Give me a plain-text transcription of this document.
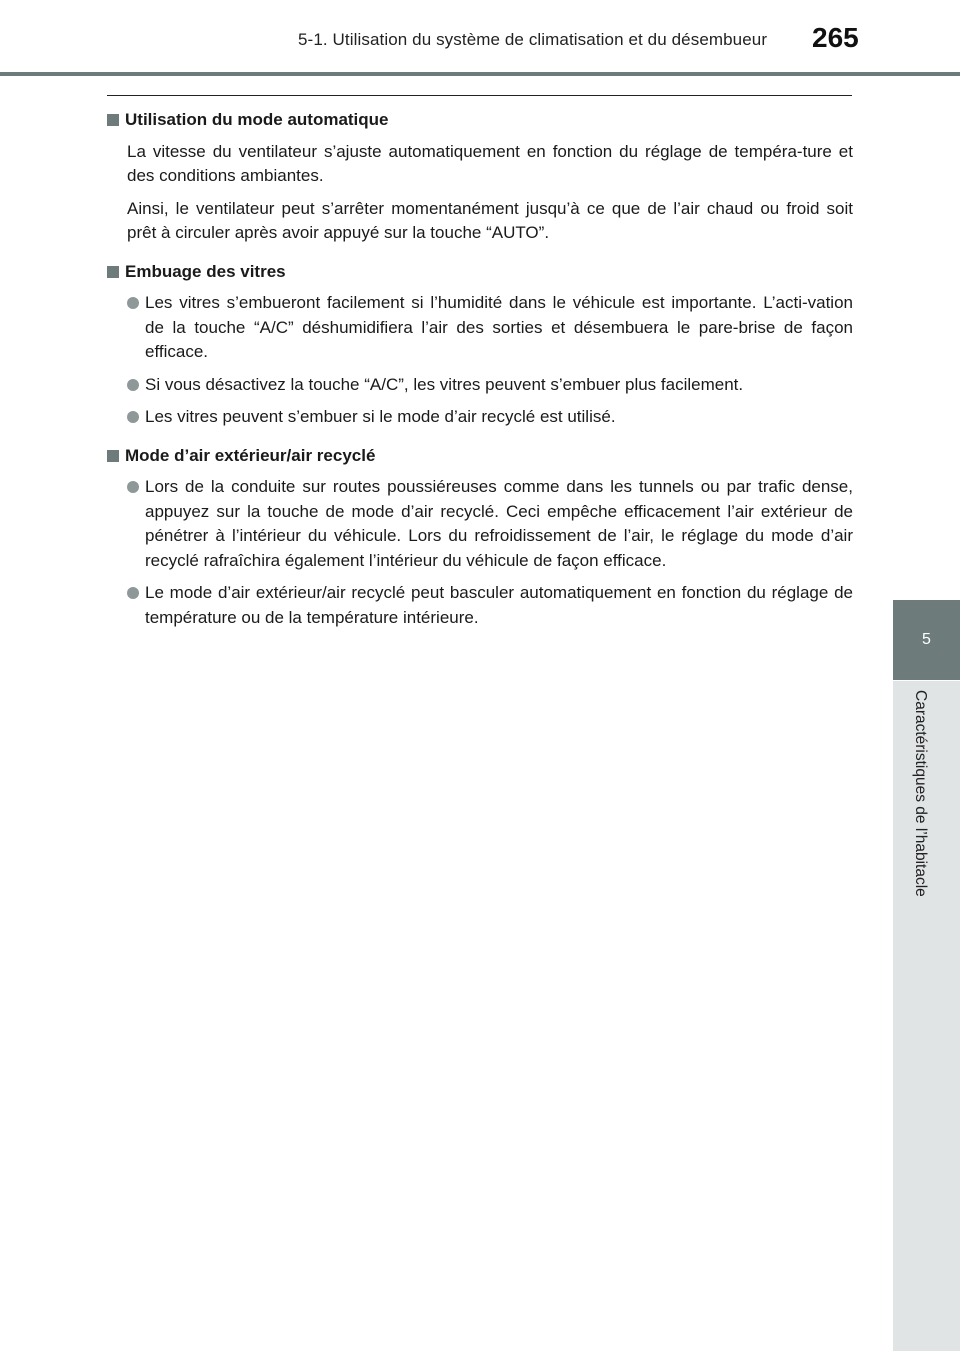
5-1. Utilisation du système de climatisation et du désembueur 265
5
Caractéristiques de l’habitacle
Utilisation du mode automatique

La vitesse du ventilateur s’ajuste automatiquement en fonction du réglage de tempéra-ture et des conditions ambiantes.

Ainsi, le ventilateur peut s’arrêter momentanément jusqu’à ce que de l’air chaud ou froid soit prêt à circuler après avoir appuyé sur la touche “AUTO”.

Embuage des vitres
Les vitres s’embueront facilement si l’humidité dans le véhicule est importante. L’acti-vation de la touche “A/C” déshumidifiera l’air des sorties et désembuera le pare-brise de façon efficace.
Si vous désactivez la touche “A/C”, les vitres peuvent s’embuer plus facilement.
Les vitres peuvent s’embuer si le mode d’air recyclé est utilisé.
Mode d’air extérieur/air recyclé
Lors de la conduite sur routes poussiéreuses comme dans les tunnels ou par trafic dense, appuyez sur la touche de mode d’air recyclé. Ceci empêche efficacement l’air extérieur de pénétrer à l’intérieur du véhicule. Lors du refroidissement de l’air, le réglage du mode d’air recyclé rafraîchira également l’intérieur du véhicule de façon efficace.
Le mode d’air extérieur/air recyclé peut basculer automatiquement en fonction du réglage de température ou de la température intérieure.
